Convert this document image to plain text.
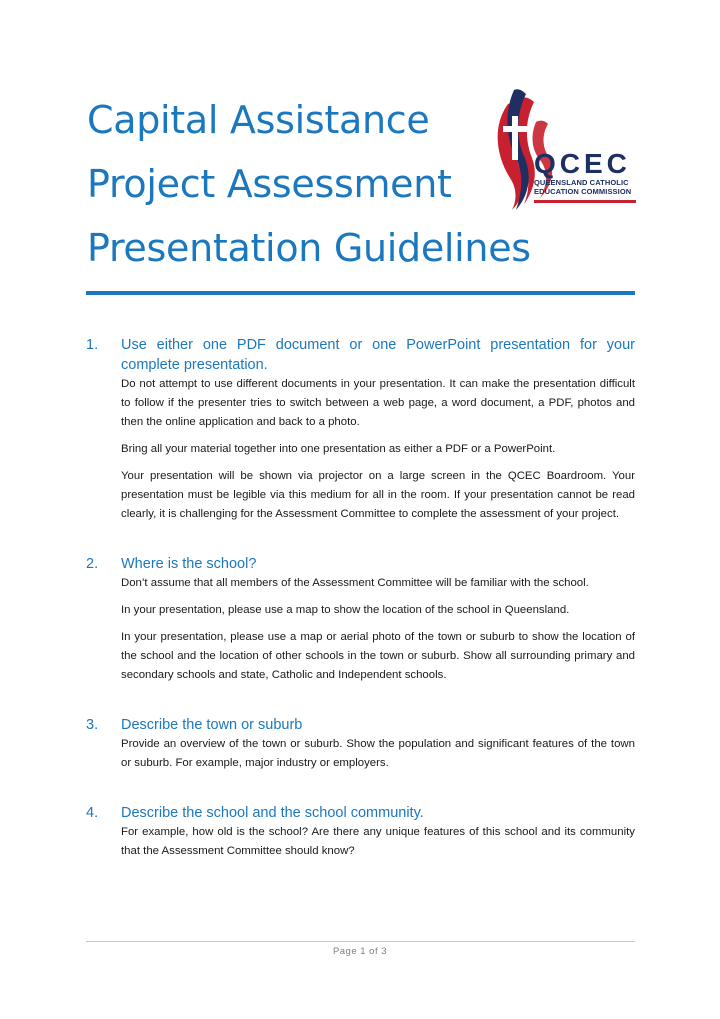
Capital Assistance
Project Assessment
Presentation Guidelines
QCEC
QUEENSLAND CATHOLIC
EDUCATION COMMISSION
1. Use either one PDF document or one PowerPoint presentation for your complete presentation.

Do not attempt to use different documents in your presentation. It can make the presentation difficult to follow if the presenter tries to switch between a web page, a word document, a PDF, photos and then the online application and back to a photo.

Bring all your material together into one presentation as either a PDF or a PowerPoint.

Your presentation will be shown via projector on a large screen in the QCEC Boardroom. Your presentation must be legible via this medium for all in the room. If your presentation cannot be read clearly, it is challenging for the Assessment Committee to complete the assessment of your project.

2. Where is the school?

Don’t assume that all members of the Assessment Committee will be familiar with the school.

In your presentation, please use a map to show the location of the school in Queensland.

In your presentation, please use a map or aerial photo of the town or suburb to show the location of the school and the location of other schools in the town or suburb. Show all surrounding primary and secondary schools and state, Catholic and Independent schools.

3. Describe the town or suburb

Provide an overview of the town or suburb. Show the population and significant features of the town or suburb. For example, major industry or employers.

4. Describe the school and the school community.

For example, how old is the school? Are there any unique features of this school and its community that the Assessment Committee should know?

Page 1 of 3
